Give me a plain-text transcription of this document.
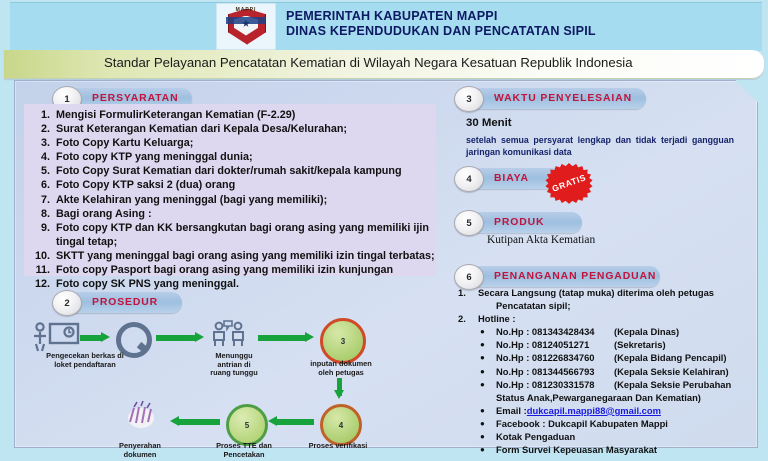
MAPPI PEMERINTAH KABUPATEN MAPPI
DINAS KEPENDUDUKAN DAN PENCATATAN SIPIL
Standar Pelayanan Pencatatan Kematian di Wilayah Negara Kesatuan Republik Indonesia
1	PERSYARATAN
1. Mengisi FormulirKeterangan Kematian (F-2.29)
2. Surat Keterangan Kematian dari Kepala Desa/Kelurahan;
3. Foto Copy Kartu Keluarga;
4. Foto copy KTP yang meninggal dunia;
5. Foto Copy Surat Kematian dari dokter/rumah sakit/kepala kampung
6. Foto Copy KTP saksi 2 (dua) orang
7. Akte Kelahiran yang meninggal (bagi yang memiliki);
8. Bagi orang Asing :
9. Foto copy KTP dan KK bersangkutan bagi orang asing yang memiliki ijin
tingal tetap;
10. SKTT yang meninggal bagi orang asing yang memiliki izin tingal terbatas;
11. Foto copy Pasport bagi orang asing yang memiliki izin kunjungan
12. Foto copy SK PNS yang meninggal.
2	PROSEDUR
3
Pengecekan berkas di
loket pendaftaran
Menunggu
antrian di
ruang tunggu
inputan dokumen
oleh petugas
4
Proses verifikasi
5
Proses TTE dan
Pencetakan
Penyerahan
dokumen
3	WAKTU PENYELESAIAN
30 Menit
setelah semua persyarat lengkap dan tidak terjadi gangguan jaringan komunikasi data
4	BIAYA	GRATIS
5	PRODUK
Kutipan Akta Kematian
6	PENANGANAN PENGADUAN
1.	Secara Langsung (tatap muka) diterima oleh petugas
Pencatatan sipil;
2.	Hotline :
●	No.Hp : 081343428434	(Kepala Dinas)
●	No.Hp : 08124051271	(Sekretaris)
●	No.Hp : 081226834760	(Kepala Bidang Pencapil)
●	No.Hp : 081344566793	(Kepala Seksie Kelahiran)
●	No.Hp : 081230331578	(Kepala Seksie Perubahan
Status Anak,Pewarganegaraan Dan Kematian)
●	Email : dukcapil.mappi88@gmail.com
●	Facebook : Dukcapil Kabupaten Mappi
●	Kotak Pengaduan
●	Form Survei Kepeuasan Masyarakat
